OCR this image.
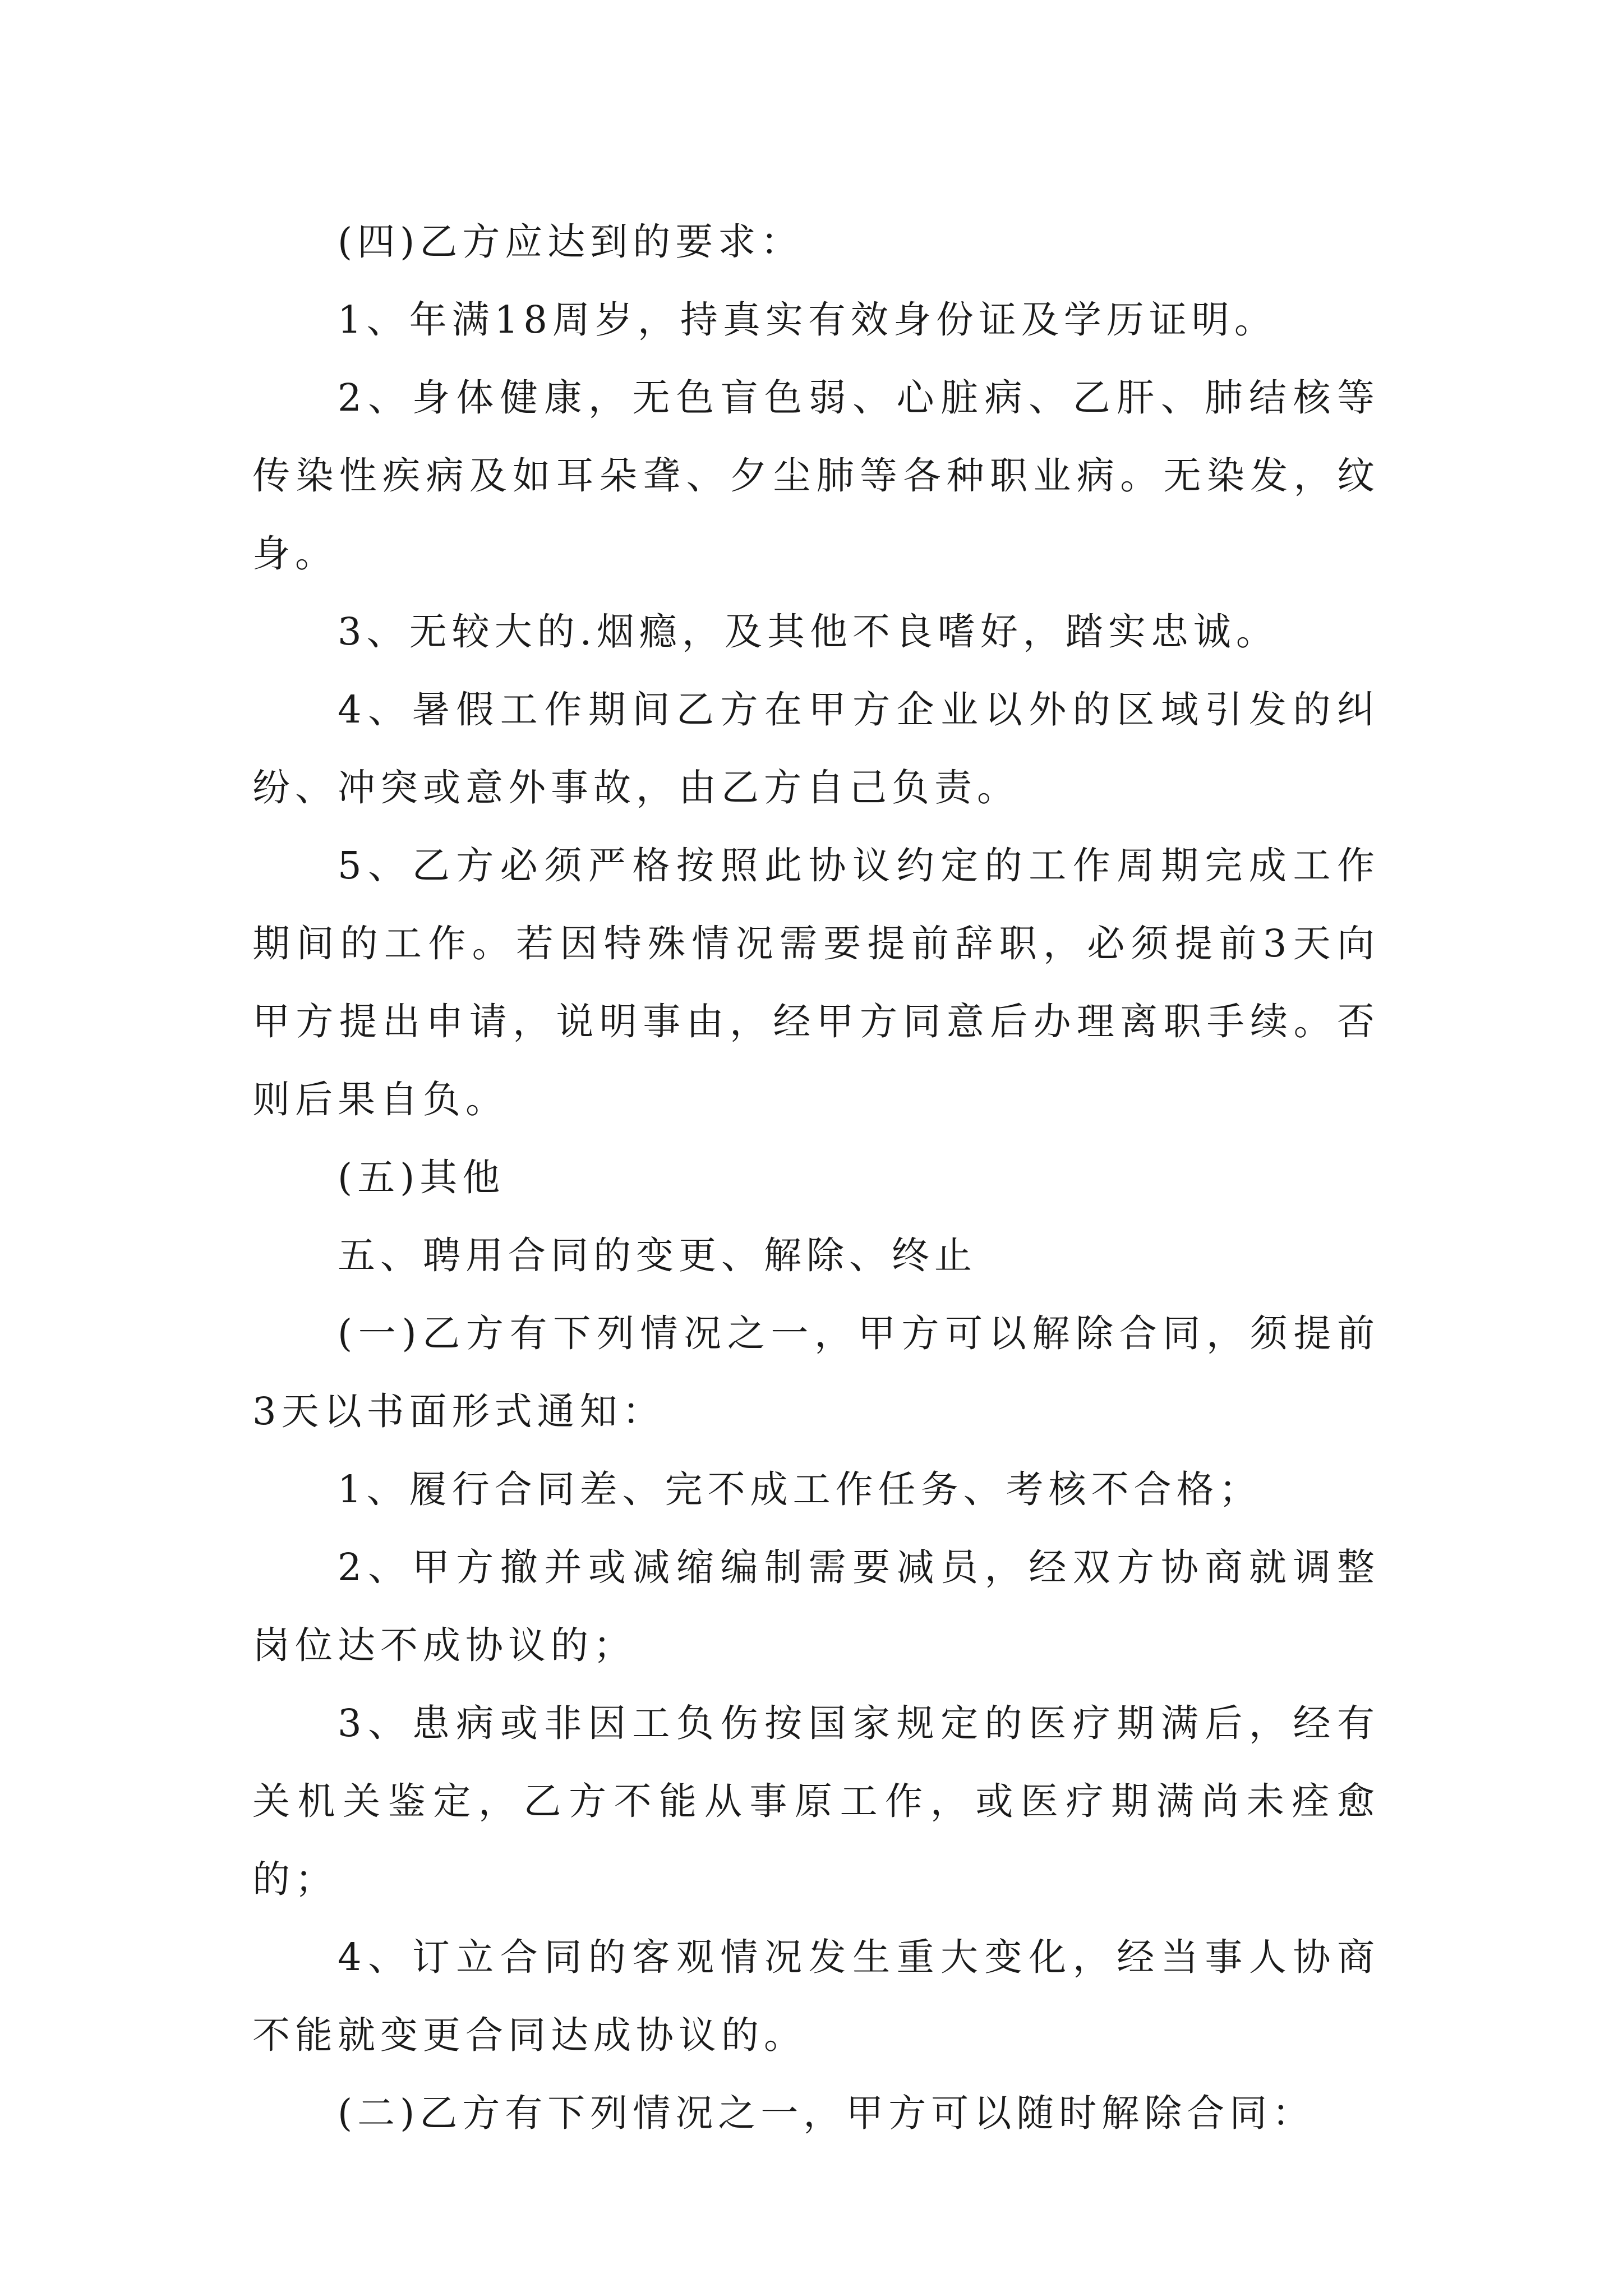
(四)乙方应达到的要求：

1、年满18周岁，持真实有效身份证及学历证明。

2、身体健康，无色盲色弱、心脏病、乙肝、肺结核等传染性疾病及如耳朵聋、夕尘肺等各种职业病。无染发，纹身。

3、无较大的.烟瘾，及其他不良嗜好，踏实忠诚。

4、暑假工作期间乙方在甲方企业以外的区域引发的纠纷、冲突或意外事故，由乙方自己负责。

5、乙方必须严格按照此协议约定的工作周期完成工作期间的工作。若因特殊情况需要提前辞职，必须提前3天向甲方提出申请，说明事由，经甲方同意后办理离职手续。否则后果自负。

(五)其他

五、聘用合同的变更、解除、终止

(一)乙方有下列情况之一，甲方可以解除合同，须提前3天以书面形式通知：

1、履行合同差、完不成工作任务、考核不合格；

2、甲方撤并或减缩编制需要减员，经双方协商就调整岗位达不成协议的；

3、患病或非因工负伤按国家规定的医疗期满后，经有关机关鉴定，乙方不能从事原工作，或医疗期满尚未痊愈的；

4、订立合同的客观情况发生重大变化，经当事人协商不能就变更合同达成协议的。

(二)乙方有下列情况之一，甲方可以随时解除合同：
